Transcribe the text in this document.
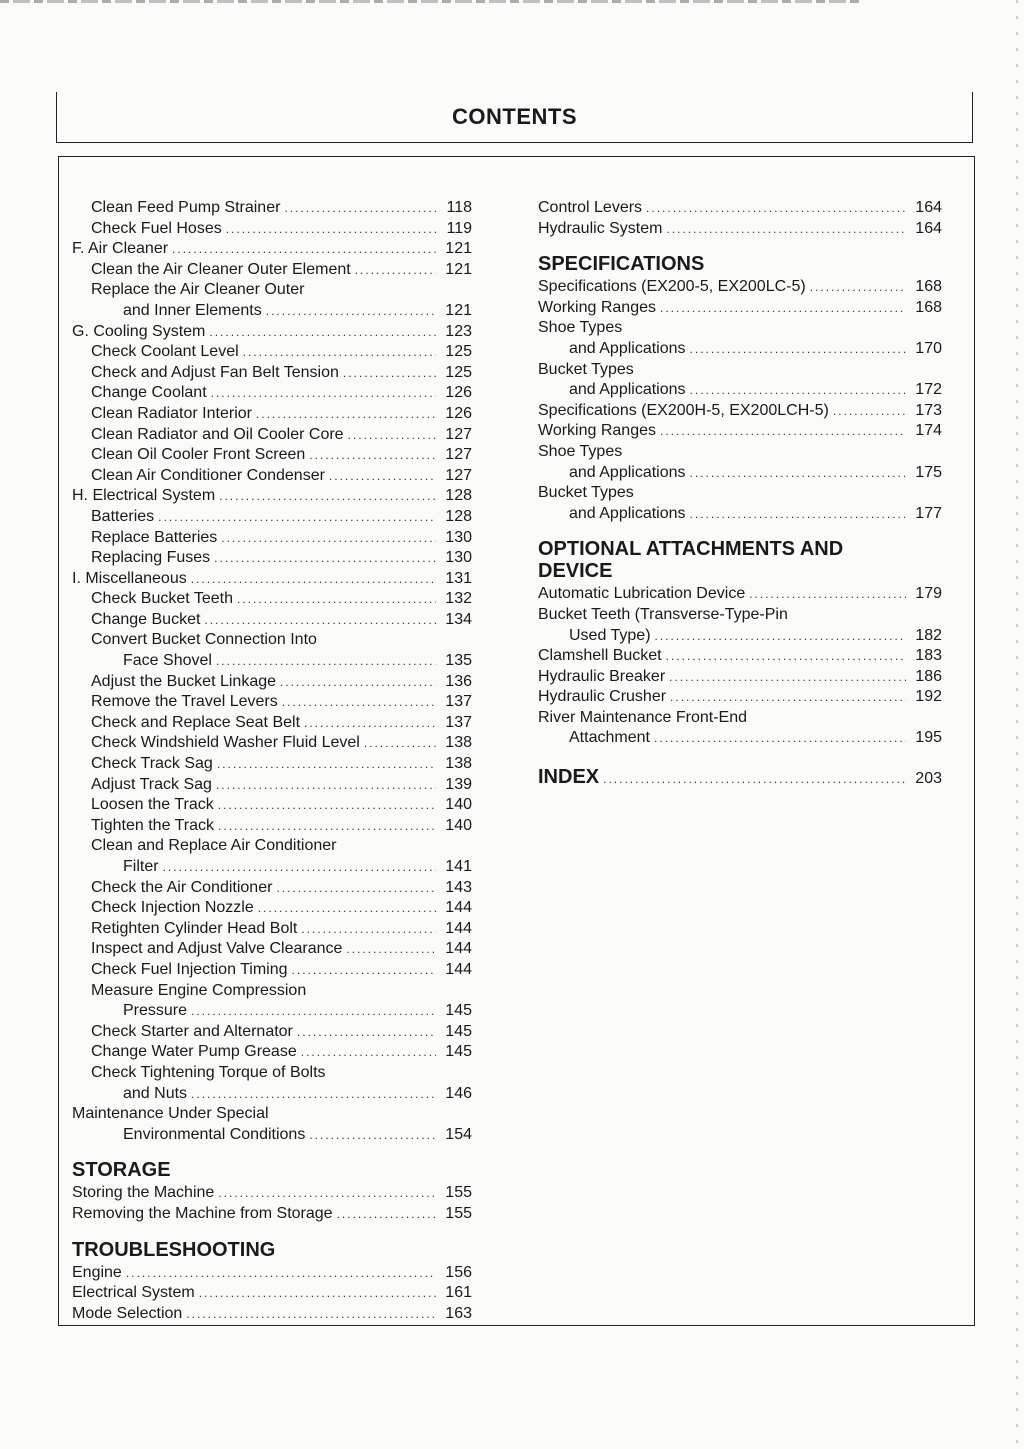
CONTENTS
Clean Feed Pump Strainer .....	118
Check Fuel Hoses .....	119
F. Air Cleaner .....	121
Clean the Air Cleaner Outer Element .....	121
Replace the Air Cleaner Outer
and Inner Elements .....	121
G. Cooling System .....	123
Check Coolant Level .....	125
Check and Adjust Fan Belt Tension .....	125
Change Coolant .....	126
Clean Radiator Interior .....	126
Clean Radiator and Oil Cooler Core .....	127
Clean Oil Cooler Front Screen .....	127
Clean Air Conditioner Condenser .....	127
H. Electrical System .....	128
Batteries .....	128
Replace Batteries .....	130
Replacing Fuses .....	130
I. Miscellaneous .....	131
Check Bucket Teeth .....	132
Change Bucket .....	134
Convert Bucket Connection Into
Face Shovel .....	135
Adjust the Bucket Linkage .....	136
Remove the Travel Levers .....	137
Check and Replace Seat Belt .....	137
Check Windshield Washer Fluid Level .....	138
Check Track Sag .....	138
Adjust Track Sag .....	139
Loosen the Track .....	140
Tighten the Track .....	140
Clean and Replace Air Conditioner
Filter .....	141
Check the Air Conditioner .....	143
Check Injection Nozzle .....	144
Retighten Cylinder Head Bolt .....	144
Inspect and Adjust Valve Clearance .....	144
Check Fuel Injection Timing .....	144
Measure Engine Compression
Pressure .....	145
Check Starter and Alternator .....	145
Change Water Pump Grease .....	145
Check Tightening Torque of Bolts
and Nuts .....	146
Maintenance Under Special
Environmental Conditions .....	154
STORAGE
Storing the Machine .....	155
Removing the Machine from Storage .....	155
TROUBLESHOOTING
Engine .....	156
Electrical System .....	161
Mode Selection .....	163
Control Levers .....	164
Hydraulic System .....	164
SPECIFICATIONS
Specifications (EX200-5, EX200LC-5) .....	168
Working Ranges .....	168
Shoe Types
and Applications .....	170
Bucket Types
and Applications .....	172
Specifications (EX200H-5, EX200LCH-5) .....	173
Working Ranges .....	174
Shoe Types
and Applications .....	175
Bucket Types
and Applications .....	177
OPTIONAL ATTACHMENTS AND DEVICE
Automatic Lubrication Device .....	179
Bucket Teeth (Transverse-Type-Pin
Used Type) .....	182
Clamshell Bucket .....	183
Hydraulic Breaker .....	186
Hydraulic Crusher .....	192
River Maintenance Front-End
Attachment .....	195
INDEX .....	203
